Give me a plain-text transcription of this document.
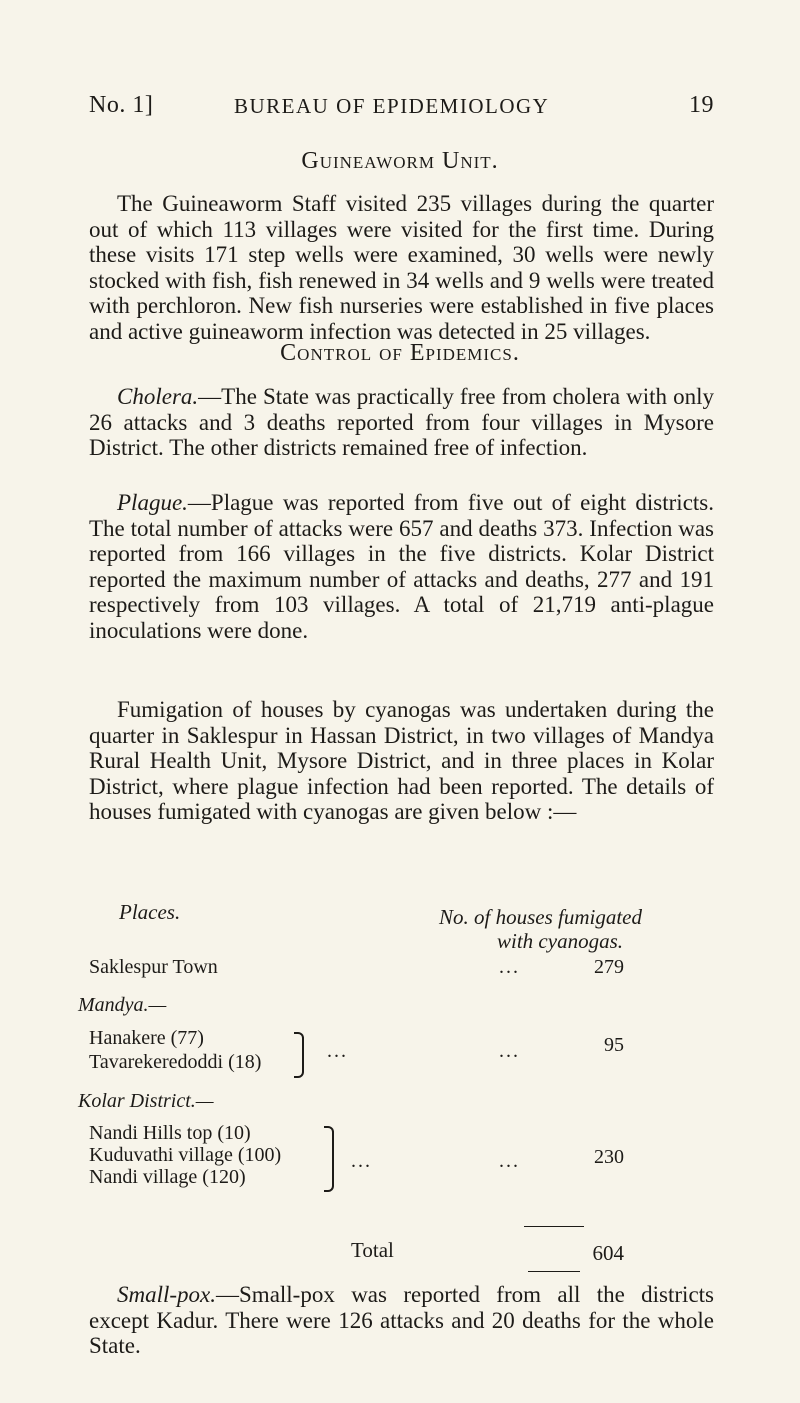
No. 1]	BUREAU OF EPIDEMIOLOGY	19
Guineaworm Unit.

The Guineaworm Staff visited 235 villages during the quarter out of which 113 villages were visited for the first time. During these visits 171 step wells were examined, 30 wells were newly stocked with fish, fish renewed in 34 wells and 9 wells were treated with perchloron. New fish nurseries were established in five places and active guineaworm infection was detected in 25 villages.

Control of Epidemics.

Cholera.—The State was practically free from cholera with only 26 attacks and 3 deaths reported from four villages in Mysore District. The other districts remained free of infection.

Plague.—Plague was reported from five out of eight districts. The total number of attacks were 657 and deaths 373. Infection was reported from 166 villages in the five districts. Kolar District reported the maximum number of attacks and deaths, 277 and 191 respectively from 103 villages. A total of 21,719 anti-plague inoculations were done.

Fumigation of houses by cyanogas was undertaken during the quarter in Saklespur in Hassan District, in two villages of Mandya Rural Health Unit, Mysore District, and in three places in Kolar District, where plague infection had been reported. The details of houses fumigated with cyanogas are given below :—

Places.	No. of houses fumigated
with cyanogas.
Saklespur Town	...	279
Mandya.—
Hanakere (77)
Tavarekeredoddi (18)	...	...	95
Kolar District.—
Nandi Hills top (10)
Kuduvathi village (100)
Nandi village (120)
...	...	230
Total	604

Small-pox.—Small-pox was reported from all the districts except Kadur. There were 126 attacks and 20 deaths for the whole State.
